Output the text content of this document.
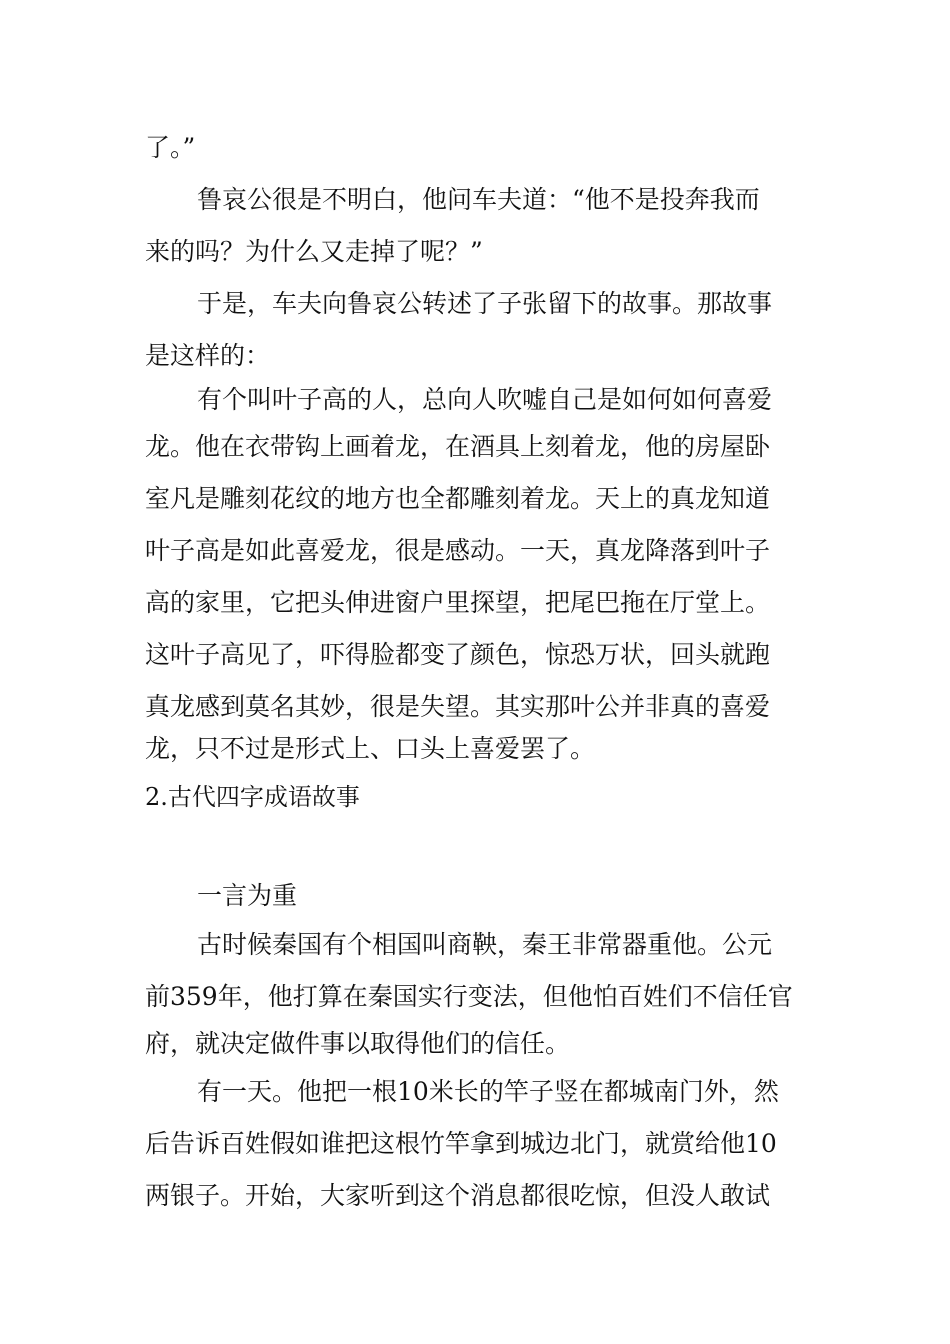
了。”
鲁哀公很是不明白，他问车夫道：“他不是投奔我而
来的吗？为什么又走掉了呢？”
于是，车夫向鲁哀公转述了子张留下的故事。那故事
是这样的：
有个叫叶子高的人，总向人吹嘘自己是如何如何喜爱
龙。他在衣带钩上画着龙，在酒具上刻着龙，他的房屋卧
室凡是雕刻花纹的地方也全都雕刻着龙。天上的真龙知道
叶子高是如此喜爱龙，很是感动。一天，真龙降落到叶子
高的家里，它把头伸进窗户里探望，把尾巴拖在厅堂上。
这叶子高见了，吓得脸都变了颜色，惊恐万状，回头就跑
真龙感到莫名其妙，很是失望。其实那叶公并非真的喜爱
龙，只不过是形式上、口头上喜爱罢了。
2.古代四字成语故事
一言为重
古时候秦国有个相国叫商鞅，秦王非常器重他。公元
前359年，他打算在秦国实行变法，但他怕百姓们不信任官
府，就决定做件事以取得他们的信任。
有一天。他把一根10米长的竿子竖在都城南门外，然
后告诉百姓假如谁把这根竹竿拿到城边北门，就赏给他10
两银子。开始，大家听到这个消息都很吃惊，但没人敢试
